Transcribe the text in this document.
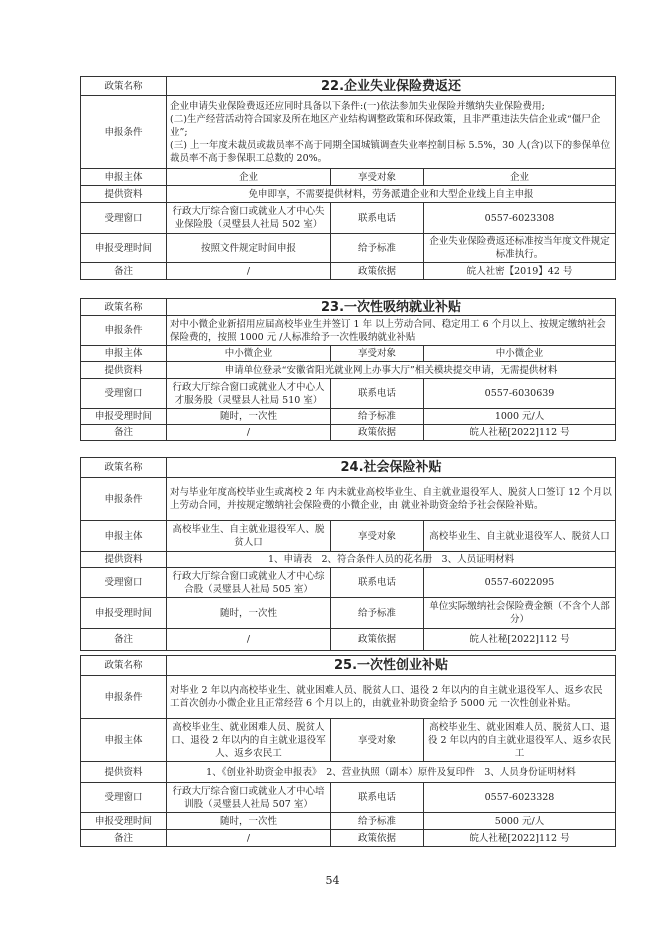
政策名称	22.企业失业保险费返还		
申报条件	企业申请失业保险费返还应同时具备以下条件:(一)依法参加失业保险并缴纳失业保险费用;
(二)生产经营活动符合国家及所在地区产业结构调整政策和环保政策，且非严重违法失信企业或“僵尸企业”;
(三) 上一年度未裁员或裁员率不高于同期全国城镇调查失业率控制目标 5.5%，30 人(含)以下的参保单位裁员率不高于参保职工总数的 20%。		
申报主体	企业	享受对象	企业
提供资料	免申即享，不需要提供材料，劳务派遣企业和大型企业线上自主申报		
受理窗口	行政大厅综合窗口或就业人才中心失业保险股（灵璧县人社局 502 室）	联系电话	0557-6023308
申报受理时间	按照文件规定时间申报	给予标准	企业失业保险费返还标准按当年度文件规定标准执行。
备注	/	政策依据	皖人社密【2019】42 号
政策名称	23.一次性吸纳就业补贴		
申报条件	对中小微企业新招用应届高校毕业生并签订 1 年 以上劳动合同、稳定用工 6 个月以上、按规定缴纳社会保险费的，按照 1000 元 /人标准给予一次性吸纳就业补贴		
申报主体	中小微企业	享受对象	中小微企业
提供资料	申请单位登录“安徽省阳光就业网上办事大厅”相关模块提交申请，无需提供材料		
受理窗口	行政大厅综合窗口或就业人才中心人才服务股（灵璧县人社局 510 室）	联系电话	0557-6030639
申报受理时间	随时，一次性	给予标准	1000 元/人
备注	/	政策依据	皖人社秘[2022]112 号
政策名称	24.社会保险补贴		
申报条件	对与毕业年度高校毕业生或离校 2 年 内未就业高校毕业生、自主就业退役军人、脱贫人口签订 12 个月以上劳动合同，并按规定缴纳社会保险费的小微企业，由 就业补助资金给予社会保险补贴。		
申报主体	高校毕业生、自主就业退役军人、脱贫人口	享受对象	高校毕业生、自主就业退役军人、脱贫人口
提供资料	1、申请表　2、符合条件人员的花名册　3、人员证明材料		
受理窗口	行政大厅综合窗口或就业人才中心综合股（灵璧县人社局 505 室）	联系电话	0557-6022095
申报受理时间	随时，一次性	给予标准	单位实际缴纳社会保险费金额（不含个人部分）
备注	/	政策依据	皖人社秘[2022]112 号
政策名称	25.一次性创业补贴		
申报条件	对毕业 2 年以内高校毕业生、就业困难人员、脱贫人口、退役 2 年以内的自主就业退役军人、返乡农民工首次创办小微企业且正常经营 6 个月以上的，由就业补助资金给予 5000 元 一次性创业补贴。		
申报主体	高校毕业生、就业困难人员、脱贫人口、退役 2 年以内的自主就业退役军人、返乡农民工	享受对象	高校毕业生、就业困难人员、脱贫人口、退役 2 年以内的自主就业退役军人、返乡农民工
提供资料	1、《创业补助资金申报表》　2、营业执照（副本）原件及复印件　3、人员身份证明材料		
受理窗口	行政大厅综合窗口或就业人才中心培训股（灵璧县人社局 507 室）	联系电话	0557-6023328
申报受理时间	随时，一次性	给予标准	5000 元/人
备注	/	政策依据	皖人社秘[2022]112 号
54
